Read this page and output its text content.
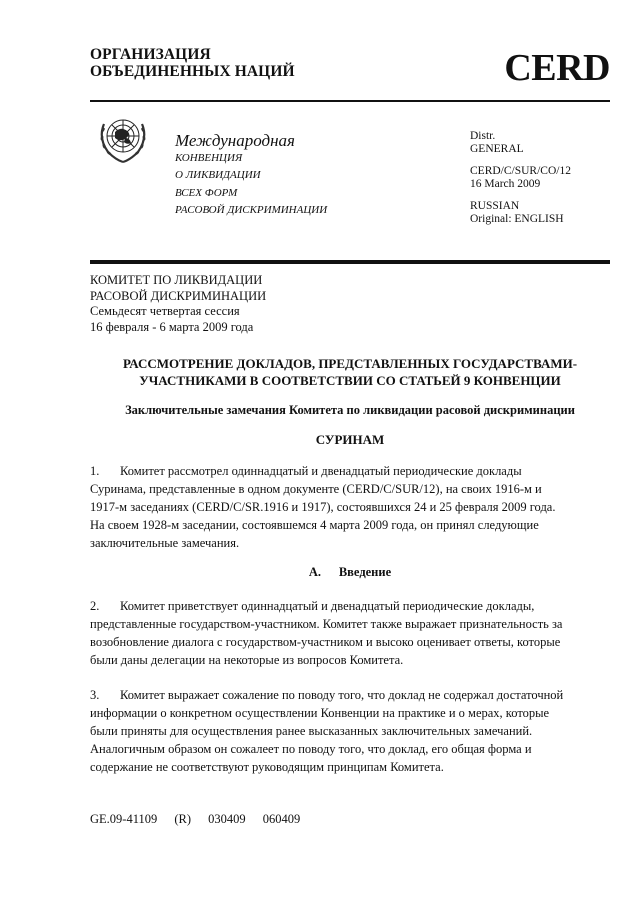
ОРГАНИЗАЦИЯ
ОБЪЕДИНЕННЫХ НАЦИЙ	CERD
Международная
КОНВЕНЦИЯ
О ЛИКВИДАЦИИ
ВСЕХ ФОРМ
РАСОВОЙ ДИСКРИМИНАЦИИ
Distr.
GENERAL
CERD/C/SUR/CO/12
16 March 2009
RUSSIAN
Original: ENGLISH
КОМИТЕТ ПО ЛИКВИДАЦИИ
РАСОВОЙ ДИСКРИМИНАЦИИ
Семьдесят четвертая сессия
16 февраля - 6 марта 2009 года
РАССМОТРЕНИЕ ДОКЛАДОВ, ПРЕДСТАВЛЕННЫХ ГОСУДАРСТВАМИ-
УЧАСТНИКАМИ В СООТВЕТСТВИИ СО СТАТЬЕЙ 9 КОНВЕНЦИИ
Заключительные замечания Комитета по ликвидации расовой дискриминации
СУРИНАМ
1. Комитет рассмотрел одиннадцатый и двенадцатый периодические доклады
Суринама, представленные в одном документе (CERD/C/SUR/12), на своих 1916-м и
1917-м заседаниях (CERD/C/SR.1916 и 1917), состоявшихся 24 и 25 февраля 2009 года.
На своем 1928-м заседании, состоявшемся 4 марта 2009 года, он принял следующие
заключительные замечания.
A. Введение
2. Комитет приветствует одиннадцатый и двенадцатый периодические доклады,
представленные государством-участником. Комитет также выражает признательность за
возобновление диалога с государством-участником и высоко оценивает ответы, которые
были даны делегации на некоторые из вопросов Комитета.
3. Комитет выражает сожаление по поводу того, что доклад не содержал достаточной
информации о конкретном осуществлении Конвенции на практике и о мерах, которые
были приняты для осуществления ранее высказанных заключительных замечаний.
Аналогичным образом он сожалеет по поводу того, что доклад, его общая форма и
содержание не соответствуют руководящим принципам Комитета.
GE.09-41109 (R) 030409 060409
